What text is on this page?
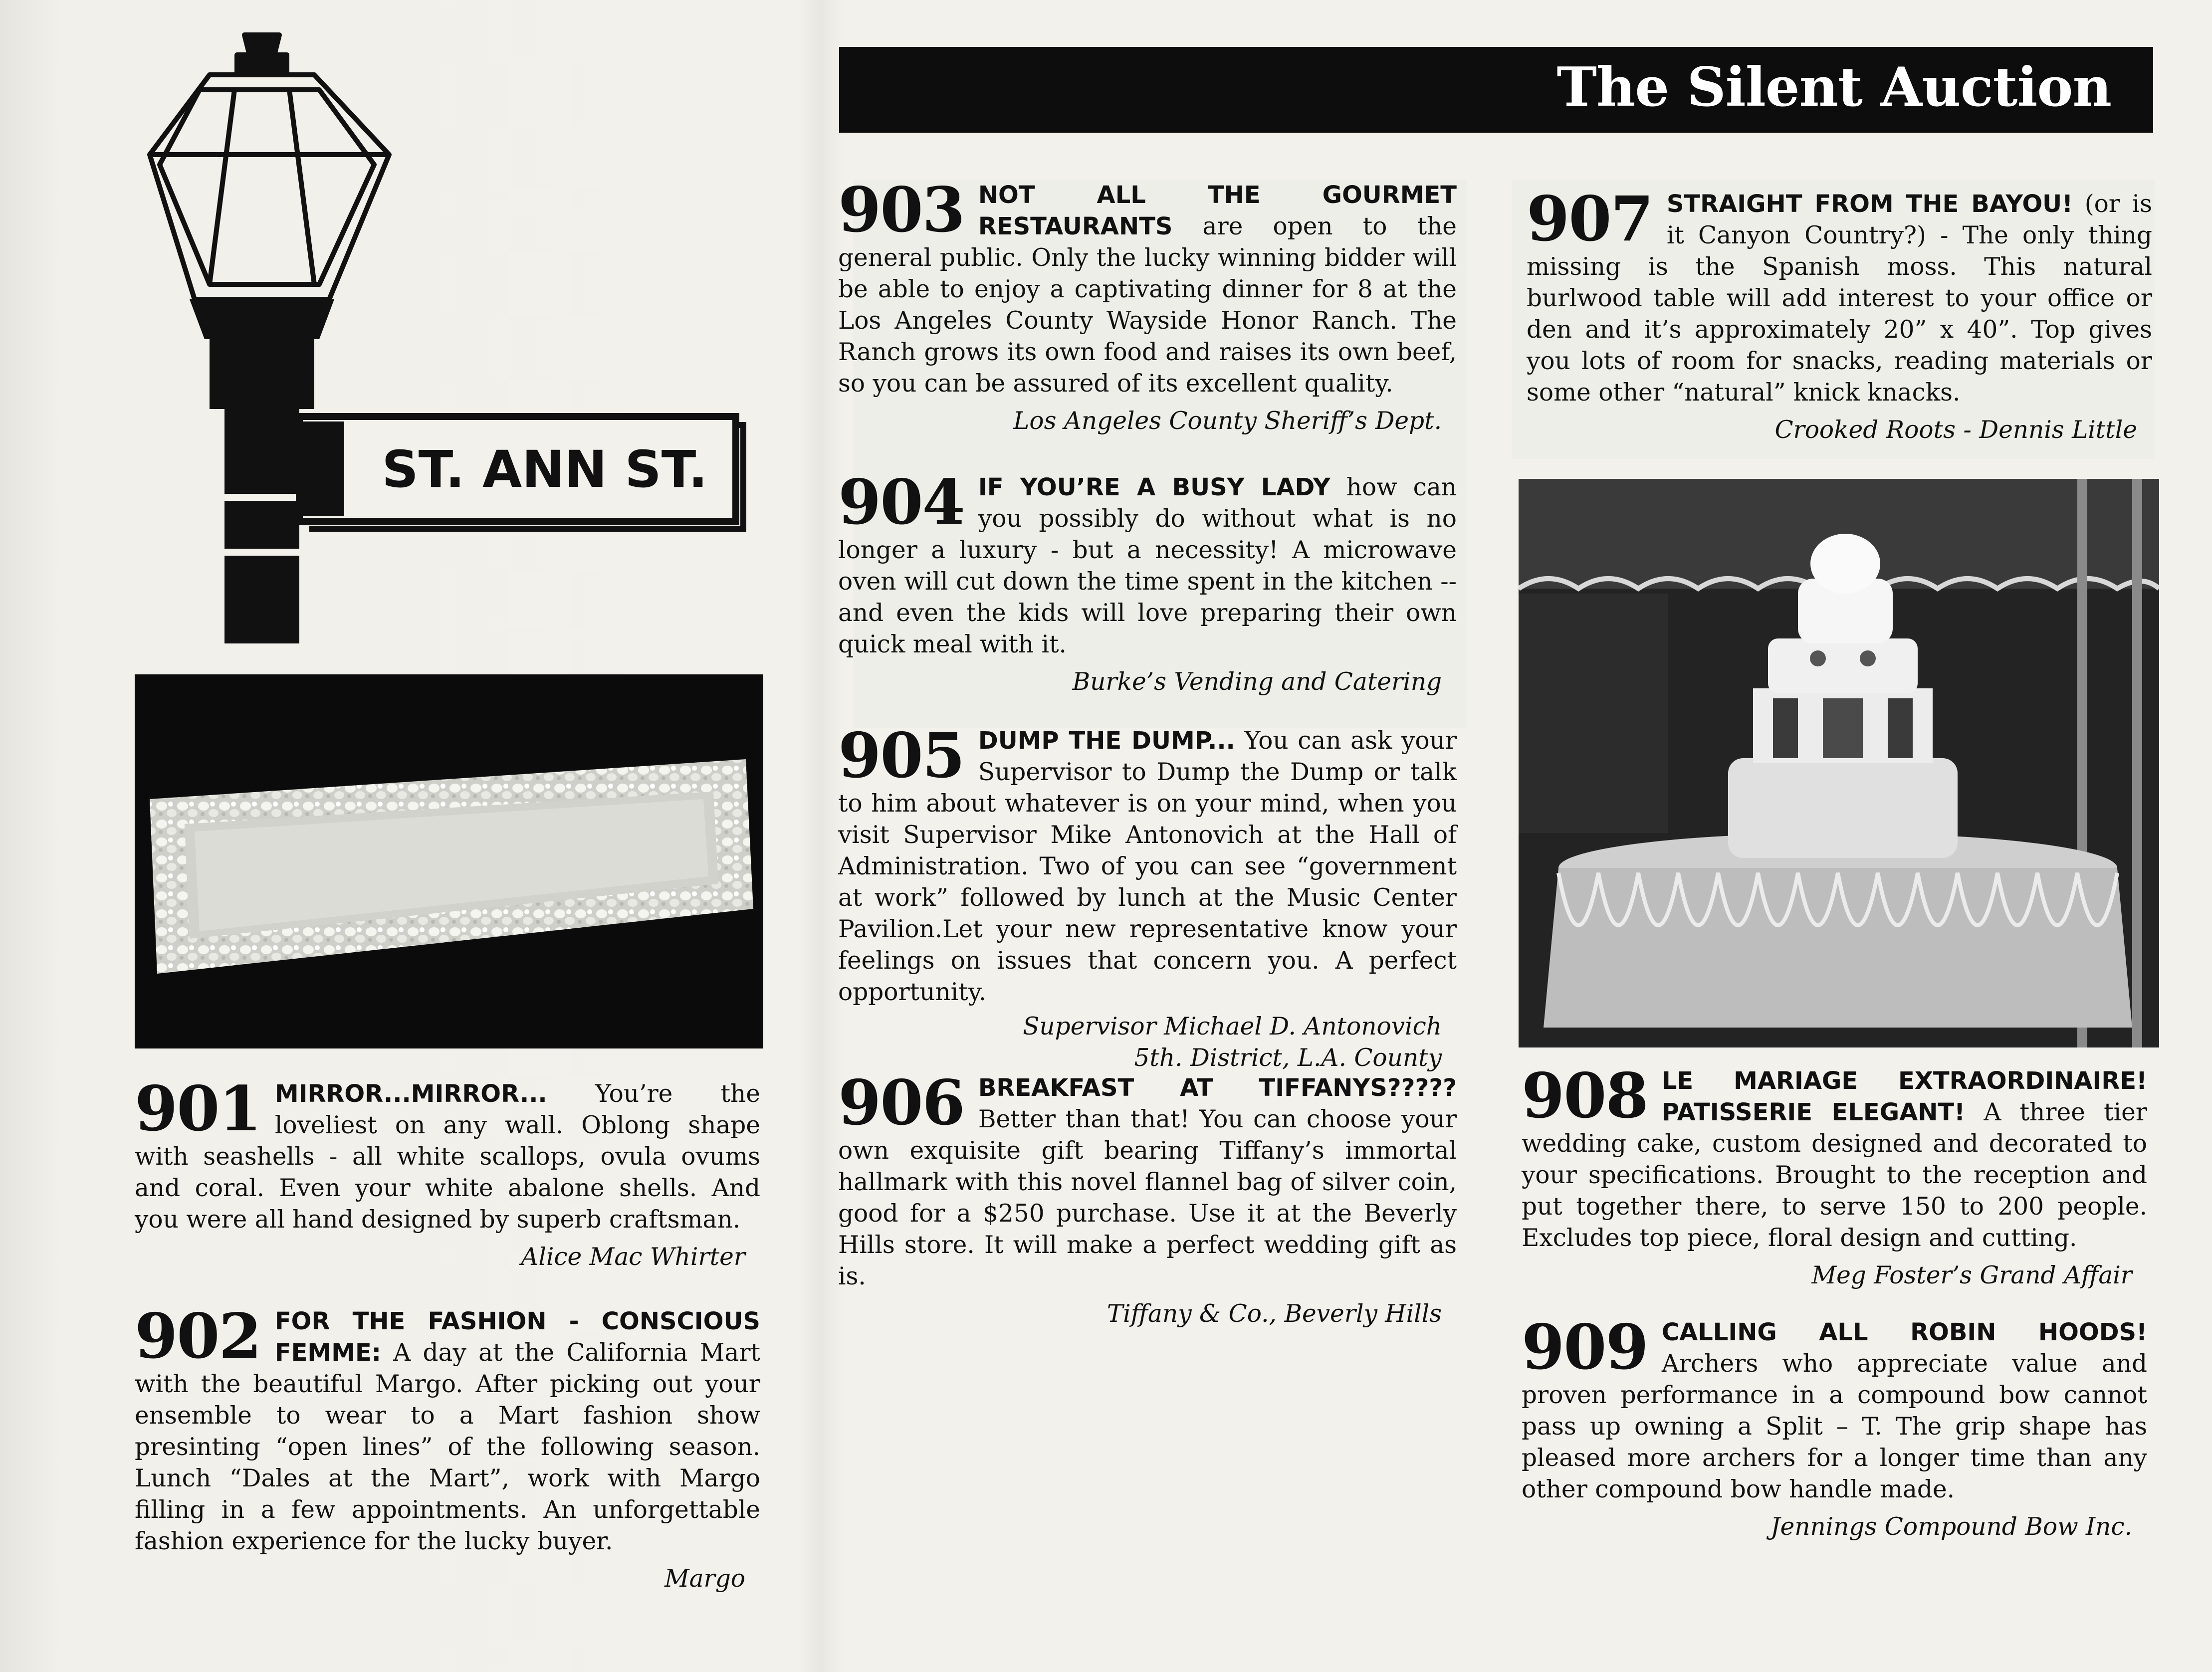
The Silent Auction
ST. ANN ST.
901 MIRROR...MIRROR... You’re the loveliest on any wall. Oblong shape with seashells - all white scallops, ovula ovums and coral. Even your white abalone shells. And you were all hand designed by superb craftsman.
Alice Mac Whirter
902 FOR THE FASHION - CONSCIOUS FEMME: A day at the California Mart with the beautiful Margo. After picking out your ensemble to wear to a Mart fashion show presinting “open lines” of the following season. Lunch “Dales at the Mart”, work with Margo filling in a few appointments. An unforgettable fashion experience for the lucky buyer.
Margo
903 NOT ALL THE GOURMET RESTAURANTS are open to the general public. Only the lucky winning bidder will be able to enjoy a captivating dinner for 8 at the Los Angeles County Wayside Honor Ranch. The Ranch grows its own food and raises its own beef, so you can be assured of its excellent quality.
Los Angeles County Sheriff’s Dept.
904 IF YOU’RE A BUSY LADY how can you possibly do without what is no longer a luxury - but a necessity! A microwave oven will cut down the time spent in the kitchen -- and even the kids will love preparing their own quick meal with it.
Burke’s Vending and Catering
905 DUMP THE DUMP... You can ask your Supervisor to Dump the Dump or talk to him about whatever is on your mind, when you visit Supervisor Mike Antonovich at the Hall of Administration. Two of you can see “government at work” followed by lunch at the Music Center Pavilion.Let your new representative know your feelings on issues that concern you. A perfect opportunity.
Supervisor Michael D. Antonovich
5th. District, L.A. County
906 BREAKFAST AT TIFFANYS????? Better than that! You can choose your own exquisite gift bearing Tiffany’s immortal hallmark with this novel flannel bag of silver coin, good for a $250 purchase. Use it at the Beverly Hills store. It will make a perfect wedding gift as is.
Tiffany & Co., Beverly Hills
907 STRAIGHT FROM THE BAYOU! (or is it Canyon Country?) - The only thing missing is the Spanish moss. This natural burlwood table will add interest to your office or den and it’s approximately 20” x 40”. Top gives you lots of room for snacks, reading materials or some other “natural” knick knacks.
Crooked Roots - Dennis Little
908 LE MARIAGE EXTRAORDINAIRE! PATISSERIE ELEGANT! A three tier wedding cake, custom designed and decorated to your specifications. Brought to the reception and put together there, to serve 150 to 200 people. Excludes top piece, floral design and cutting.
Meg Foster’s Grand Affair
909 CALLING ALL ROBIN HOODS! Archers who appreciate value and proven performance in a compound bow cannot pass up owning a Split – T. The grip shape has pleased more archers for a longer time than any other compound bow handle made.
Jennings Compound Bow Inc.
